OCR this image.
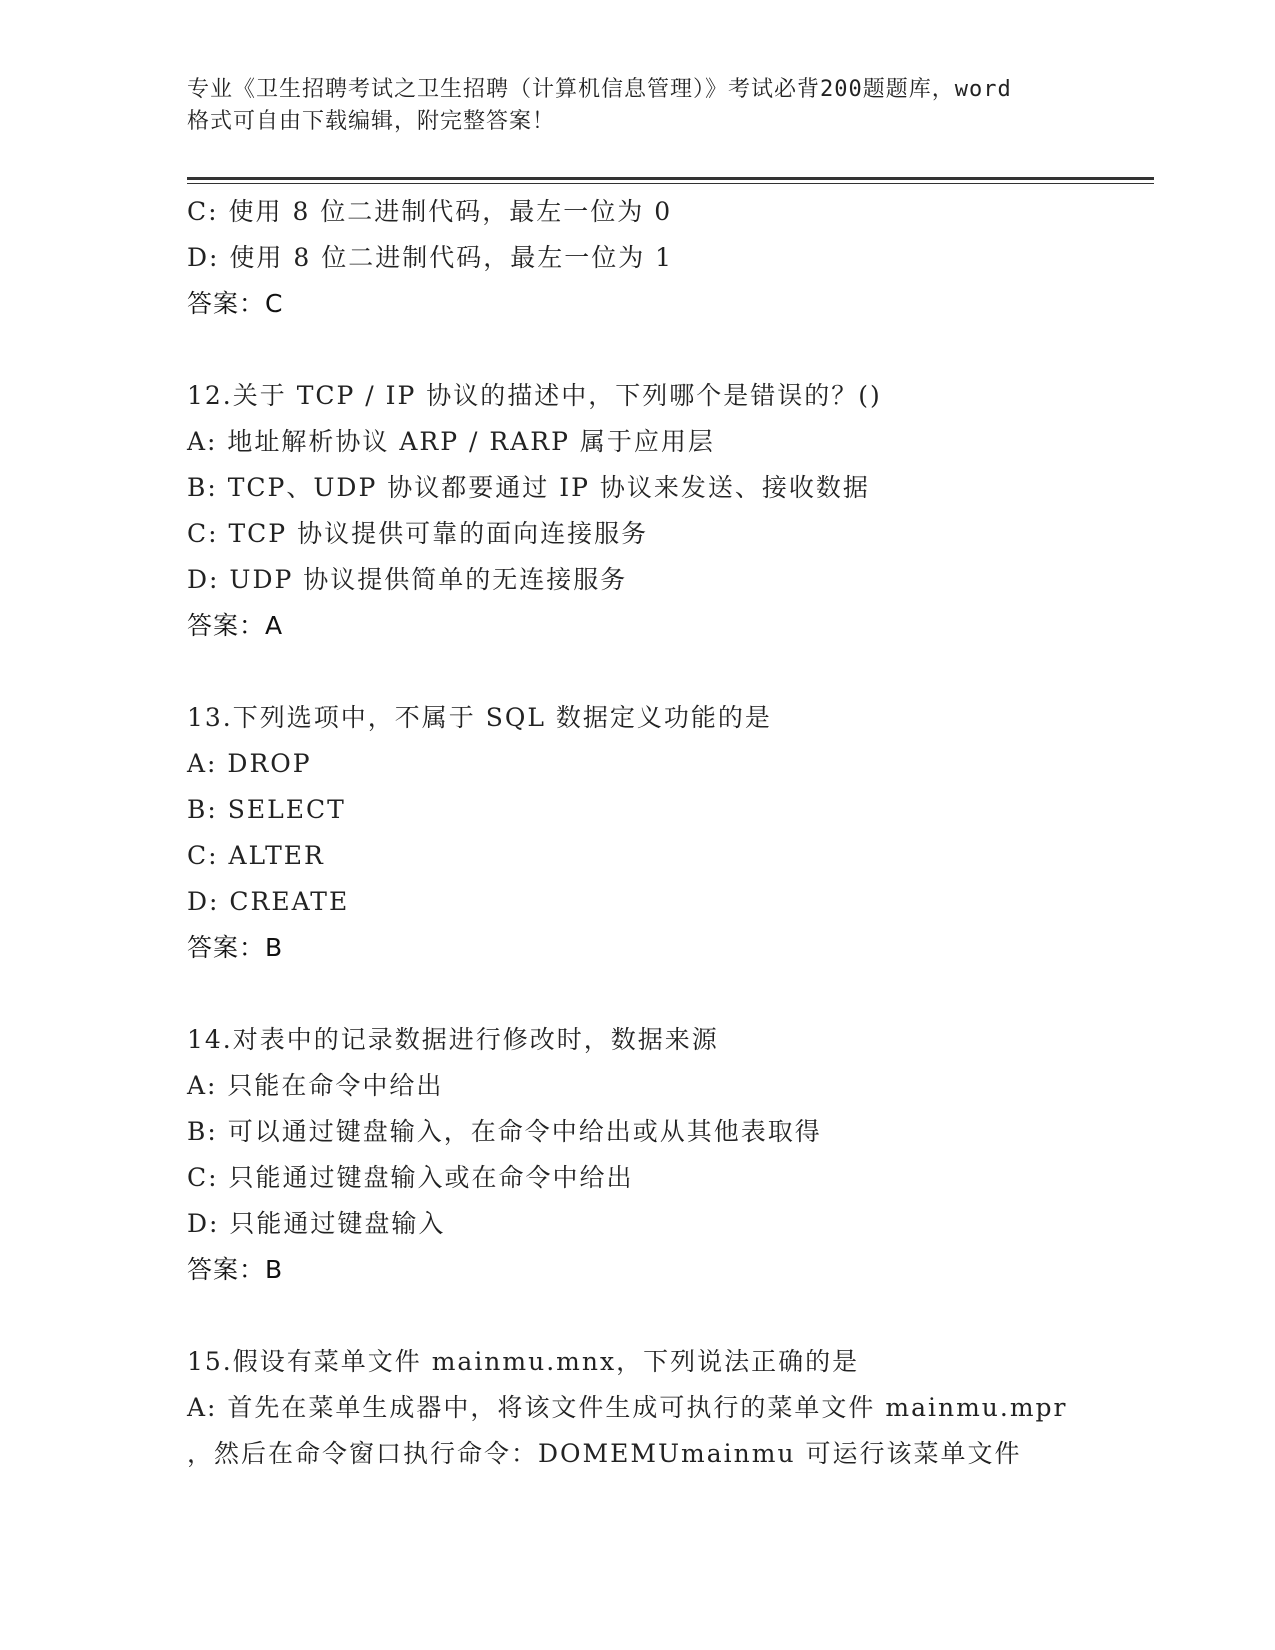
专业《卫生招聘考试之卫生招聘（计算机信息管理）》考试必背200题题库，word
格式可自由下载编辑，附完整答案！
C: 使用 8 位二进制代码，最左一位为 0
D: 使用 8 位二进制代码，最左一位为 1
答案：C
12.关于 TCP / IP 协议的描述中，下列哪个是错误的？()
A: 地址解析协议 ARP / RARP 属于应用层
B: TCP、UDP 协议都要通过 IP 协议来发送、接收数据
C: TCP 协议提供可靠的面向连接服务
D: UDP 协议提供简单的无连接服务
答案：A
13.下列选项中，不属于 SQL 数据定义功能的是
A: DROP
B: SELECT
C: ALTER
D: CREATE
答案：B
14.对表中的记录数据进行修改时，数据来源
A: 只能在命令中给出
B: 可以通过键盘输入，在命令中给出或从其他表取得
C: 只能通过键盘输入或在命令中给出
D: 只能通过键盘输入
答案：B
15.假设有菜单文件 mainmu.mnx，下列说法正确的是
A: 首先在菜单生成器中，将该文件生成可执行的菜单文件 mainmu.mpr
，然后在命令窗口执行命令：DOMEMUmainmu 可运行该菜单文件
